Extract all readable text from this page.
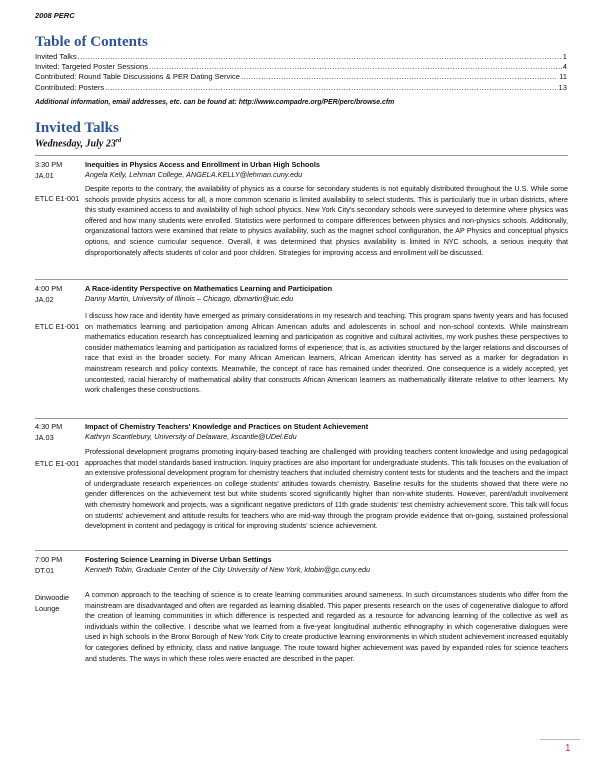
2008 PERC
Table of Contents
Invited Talks .....	1
Invited: Targeted Poster Sessions .....	4
Contributed: Round Table Discussions & PER Dating Service .....	11
Contributed: Posters .....	13
Additional information, email addresses, etc. can be found at: http://www.compadre.org/PER/perc/browse.cfm
Invited Talks
Wednesday, July 23rd
3:30 PM
JA.01
ETLC E1-001
Inequities in Physics Access and Enrollment in Urban High Schools
Angela Kelly, Lehman College, ANGELA.KELLY@lehman.cuny.edu
Despite reports to the contrary, the availability of physics as a course for secondary students is not equitably distributed throughout the U.S. While some schools provide physics access for all, a more common scenario is limited availability to select students. This is particularly true in urban districts, where this study examined access to and availability of high school physics. New York City's secondary schools were surveyed to determine where physics was offered and how many students were enrolled. Statistics were performed to compare differences between physics and non-physics schools. Additionally, organizational factors were examined that relate to physics availability, such as the magnet school configuration, the AP Physics and conceptual physics options, and science curricular sequence. Overall, it was determined that physics availability is limited in NYC schools, a serious inequity that disproportionately affects students of color and poor children. Strategies for improving access and enrollment will be discussed.
4:00 PM
JA.02
ETLC E1-001
A Race-identity Perspective on Mathematics Learning and Participation
Danny Martin, University of Illinois – Chicago, dbmartin@uic.edu
I discuss how race and identity have emerged as primary considerations in my research and teaching. This program spans twenty years and has focused on mathematics learning and participation among African American adults and adolescents in school and non-school contexts. While mainstream mathematics education research has conceptualized learning and participation as cognitive and cultural activities, my work pushes these perspectives to consider mathematics learning and participation as racialized forms of experience; that is, as activities structured by the larger relations and discourses of race that exist in the broader society. For many African American learners, African American identity has served as a marker for degradation in mainstream research and policy contexts. Meanwhile, the concept of race has remained under theorized. One consequence is a widely accepted, yet uncontested, racial hierarchy of mathematical ability that constructs African American learners as mathematically illiterate relative to other learners. My work challenges these constructions.
4:30 PM
JA.03
ETLC E1-001
Impact of Chemistry Teachers' Knowledge and Practices on Student Achievement
Kathryn Scantlebury, University of Delaware, kscantle@UDel.Edu
Professional development programs promoting inquiry-based teaching are challenged with providing teachers content knowledge and using pedagogical approaches that model standards based instruction. Inquiry practices are also important for undergraduate students. This talk focuses on the evaluation of an extensive professional development program for chemistry teachers that included chemistry content tests for students and the teachers and the impact of undergraduate research experiences on college students' attitudes towards chemistry. Baseline results for the students showed that there were no gender differences on the achievement test but white students scored significantly higher than non-white students. However, parent/adult involvement with chemistry homework and projects, was a significant negative predictors of 11th grade students' test chemistry achievement score. This talk will focus on students' achievement and attitude results for teachers who are mid-way through the program provide evidence that on-going, sustained professional development in content and pedagogy is critical for improving students' science achievement.
7:00 PM
DT.01
Dinwoodie Lounge
Fostering Science Learning in Diverse Urban Settings
Kenneth Tobin, Graduate Center of the City University of New York, ktobin@gc.cuny.edu
A common approach to the teaching of science is to create learning communities around sameness. In such circumstances students who differ from the mainstream are disadvantaged and often are regarded as learning disabled. This paper presents research on the uses of cogenerative dialogue to afford the creation of learning communities in which difference is respected and regarded as a resource for advancing learning of the collective as well as individuals within the collective. I describe what we learned from a five-year longitudinal authentic ethnography in which cogenerative dialogues were used in high schools in the Bronx Borough of New York City to create productive learning environments in which student achievement increased equitably for categories defined by ethnicity, class and native language. The route toward higher achievement was paved by expanded roles for science teachers and students. The ways in which these roles were enacted are described in the paper.
1
